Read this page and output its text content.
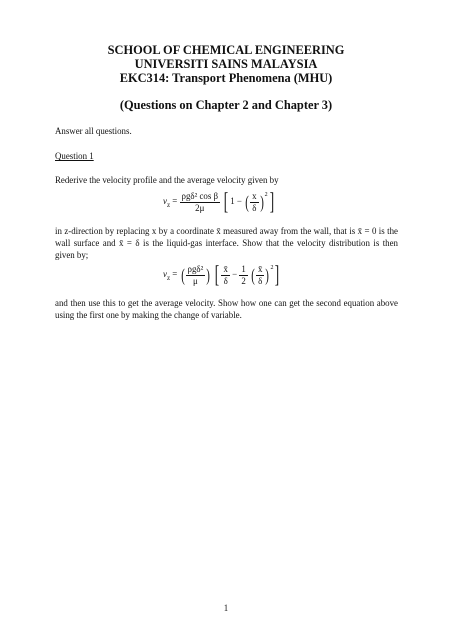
SCHOOL OF CHEMICAL ENGINEERING
UNIVERSITI SAINS MALAYSIA
EKC314: Transport Phenomena (MHU)
(Questions on Chapter 2 and Chapter 3)
Answer all questions.
Question 1
Rederive the velocity profile and the average velocity given by
$v_z = \frac{\text{ρgδ² cos β}}{2\mu}$ [ 1 − ( $\frac{x}{\delta} )^2$]
in z-direction by replacing x by a coordinate x̄ measured away from the wall, that is x̄ = 0 is the wall surface and x̄ = δ is the liquid-gas interface. Show that the velocity distribution is then given by;
$v_z$ = ( $\frac{\text{ρgδ²}}{\mu}$ ) [ $\frac{x̄}{\delta} - \frac{1}{2}$ ( $\frac{x̄}{\delta} )^2$]
and then use this to get the average velocity. Show how one can get the second equation above using the first one by making the change of variable.
1
